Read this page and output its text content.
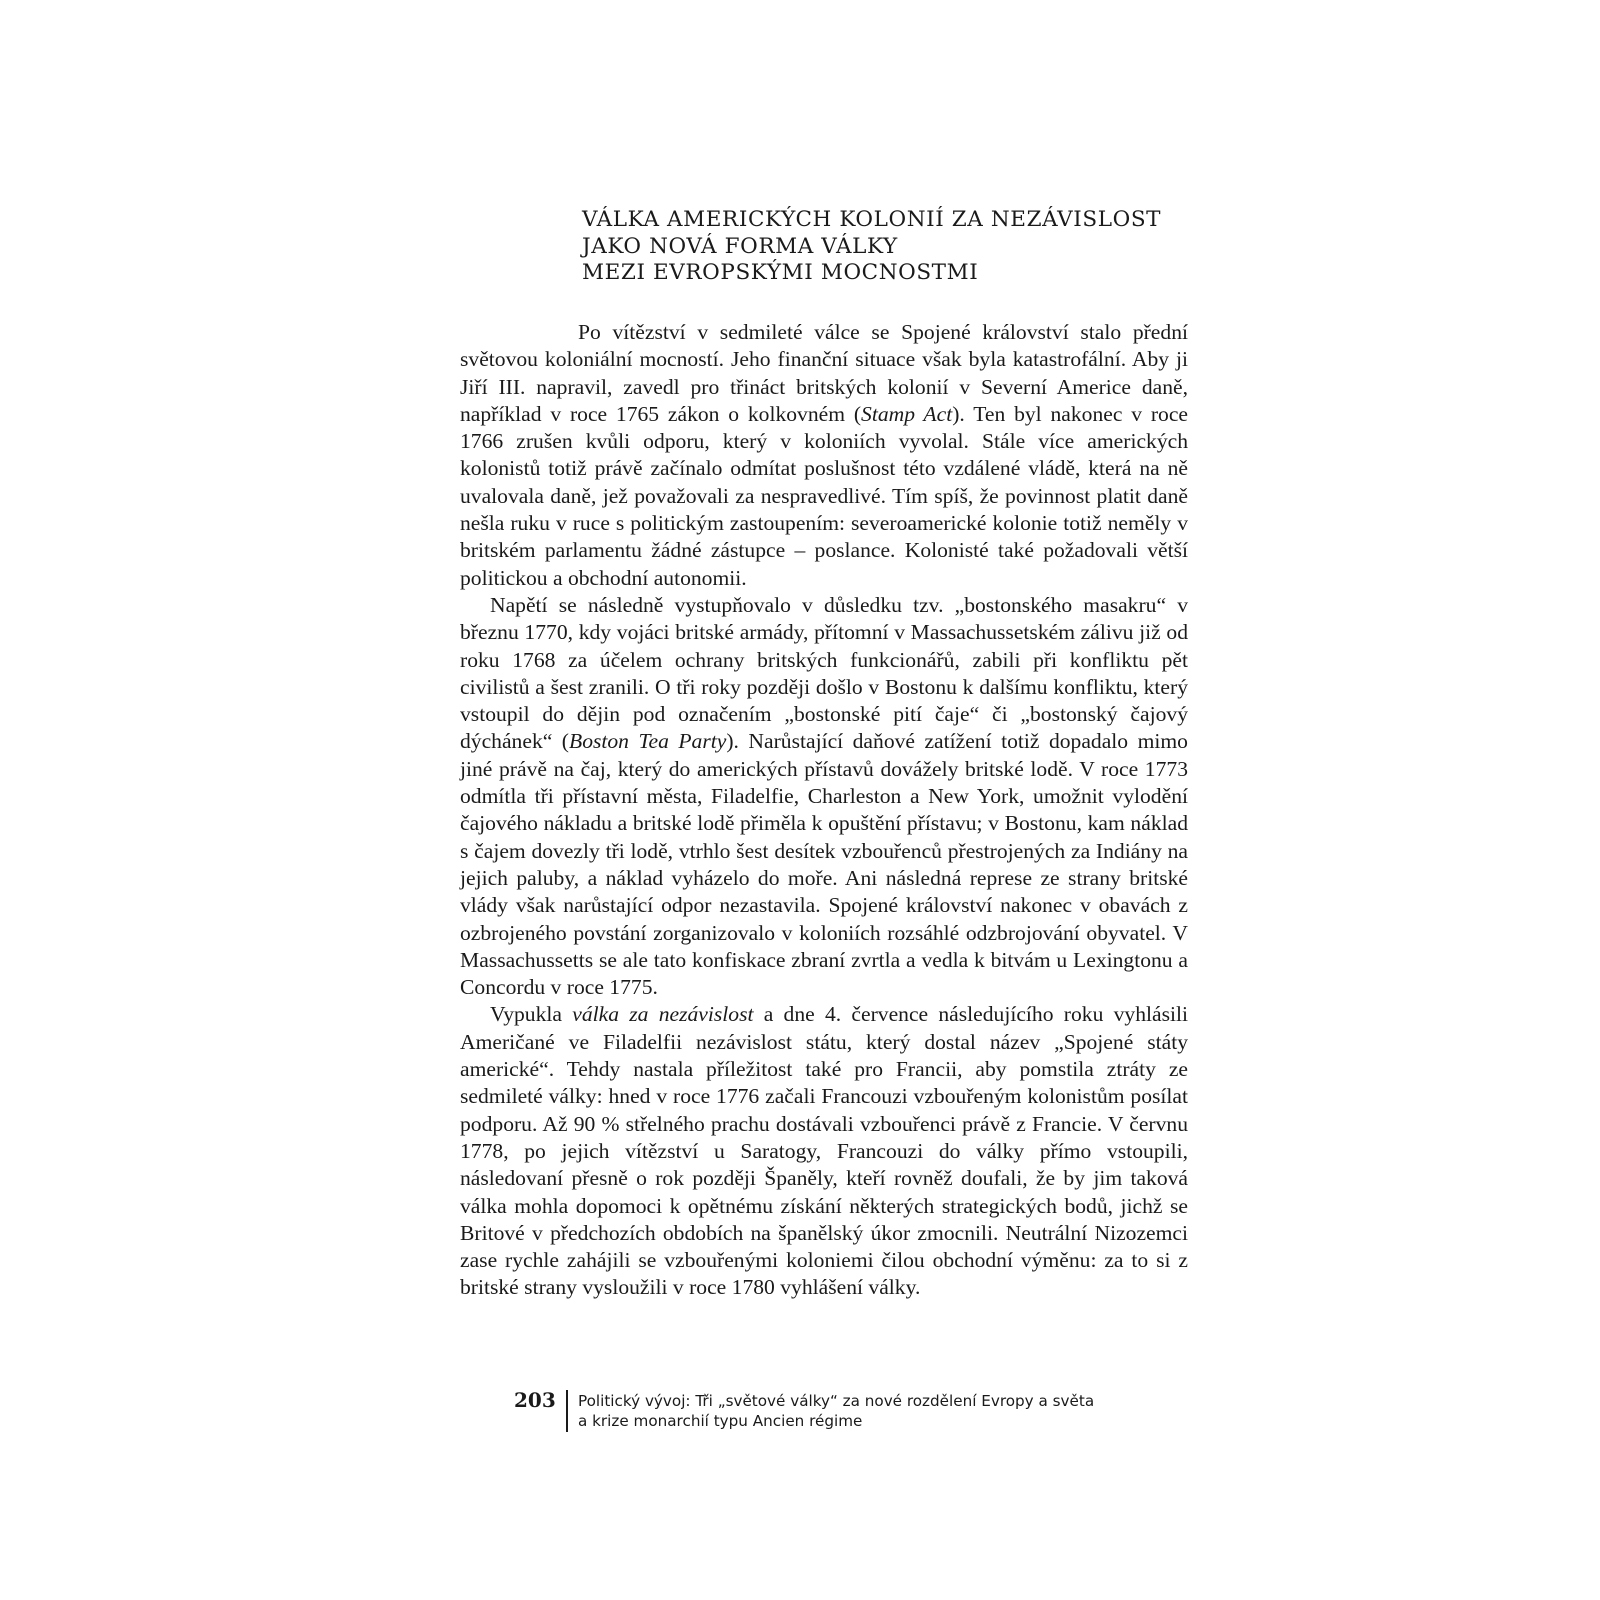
VÁLKA AMERICKÝCH KOLONIÍ ZA NEZÁVISLOST
JAKO NOVÁ FORMA VÁLKY
MEZI EVROPSKÝMI MOCNOSTMI

Po vítězství v sedmileté válce se Spojené království stalo přední světovou koloniální mocností. Jeho finanční situace však byla katastrofální. Aby ji Jiří III. napravil, zavedl pro třináct britských kolonií v Severní Americe daně, například v roce 1765 zákon o kolkovném (Stamp Act). Ten byl nakonec v roce 1766 zrušen kvůli odporu, který v koloniích vyvolal. Stále více amerických kolonistů totiž právě začínalo odmítat poslušnost této vzdálené vládě, která na ně uvalovala daně, jež považovali za nespravedlivé. Tím spíš, že povinnost platit daně nešla ruku v ruce s politickým zastoupením: severoamerické kolonie totiž neměly v britském parlamentu žádné zástupce – poslance. Kolonisté také požadovali větší politickou a obchodní autonomii.

Napětí se následně vystupňovalo v důsledku tzv. „bostonského masakru“ v březnu 1770, kdy vojáci britské armády, přítomní v Massachussetském zálivu již od roku 1768 za účelem ochrany britských funkcionářů, zabili při konfliktu pět civilistů a šest zranili. O tři roky později došlo v Bostonu k dalšímu konfliktu, který vstoupil do dějin pod označením „bostonské pití čaje“ či „bostonský čajový dýchánek“ (Boston Tea Party). Narůstající daňové zatížení totiž dopadalo mimo jiné právě na čaj, který do amerických přístavů dovážely britské lodě. V roce 1773 odmítla tři přístavní města, Filadelfie, Charleston a New York, umožnit vylodění čajového nákladu a britské lodě přiměla k opuštění přístavu; v Bostonu, kam náklad s čajem dovezly tři lodě, vtrhlo šest desítek vzbouřenců přestrojených za Indiány na jejich paluby, a náklad vyházelo do moře. Ani následná represe ze strany britské vlády však narůstající odpor nezastavila. Spojené království nakonec v obavách z ozbrojeného povstání zorganizovalo v koloniích rozsáhlé odzbrojování obyvatel. V Massachussetts se ale tato konfiskace zbraní zvrtla a vedla k bitvám u Lexingtonu a Concordu v roce 1775.

Vypukla válka za nezávislost a dne 4. července následujícího roku vyhlásili Američané ve Filadelfii nezávislost státu, který dostal název „Spojené státy americké“. Tehdy nastala příležitost také pro Francii, aby pomstila ztráty ze sedmileté války: hned v roce 1776 začali Francouzi vzbouřeným kolonistům posílat podporu. Až 90 % střelného prachu dostávali vzbouřenci právě z Francie. V červnu 1778, po jejich vítězství u Saratogy, Francouzi do války přímo vstoupili, následovaní přesně o rok později Španěly, kteří rovněž doufali, že by jim taková válka mohla dopomoci k opětnému získání některých strategických bodů, jichž se Britové v předchozích obdobích na španělský úkor zmocnili. Neutrální Nizozemci zase rychle zahájili se vzbouřenými koloniemi čilou obchodní výměnu: za to si z britské strany vysloužili v roce 1780 vyhlášení války.

203 Politický vývoj: Tři „světové války“ za nové rozdělení Evropy a světa
a krize monarchií typu Ancien régime
